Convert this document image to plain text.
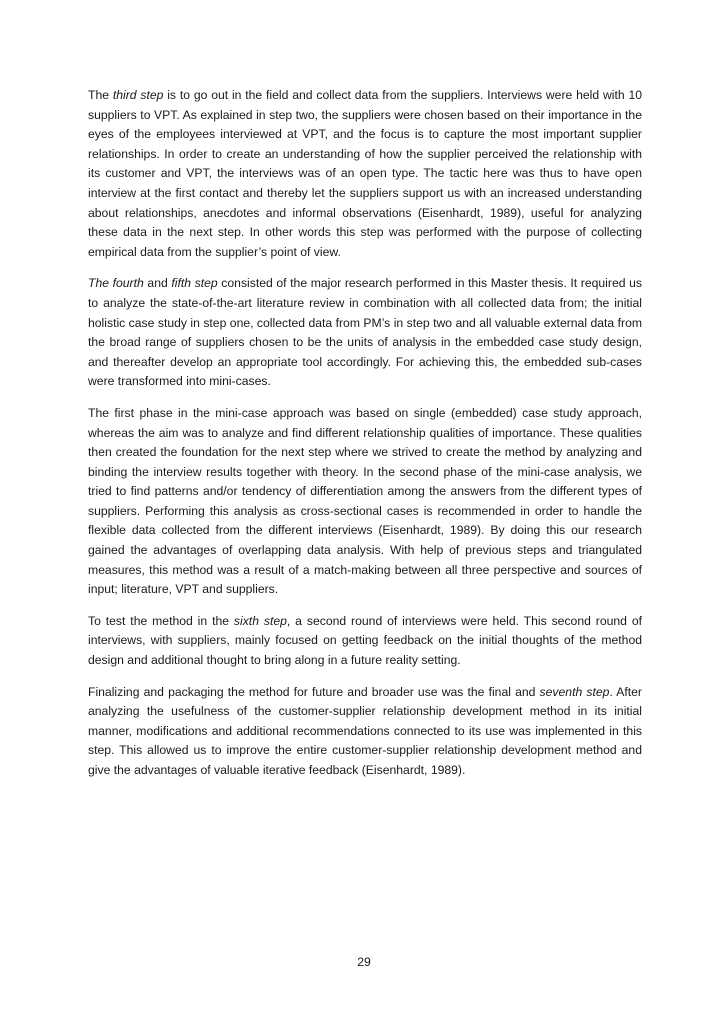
The third step is to go out in the field and collect data from the suppliers. Interviews were held with 10 suppliers to VPT. As explained in step two, the suppliers were chosen based on their importance in the eyes of the employees interviewed at VPT, and the focus is to capture the most important supplier relationships. In order to create an understanding of how the supplier perceived the relationship with its customer and VPT, the interviews was of an open type. The tactic here was thus to have open interview at the first contact and thereby let the suppliers support us with an increased understanding about relationships, anecdotes and informal observations (Eisenhardt, 1989), useful for analyzing these data in the next step. In other words this step was performed with the purpose of collecting empirical data from the supplier’s point of view.

The fourth and fifth step consisted of the major research performed in this Master thesis. It required us to analyze the state-of-the-art literature review in combination with all collected data from; the initial holistic case study in step one, collected data from PM’s in step two and all valuable external data from the broad range of suppliers chosen to be the units of analysis in the embedded case study design, and thereafter develop an appropriate tool accordingly. For achieving this, the embedded sub-cases were transformed into mini-cases.

The first phase in the mini-case approach was based on single (embedded) case study approach, whereas the aim was to analyze and find different relationship qualities of importance. These qualities then created the foundation for the next step where we strived to create the method by analyzing and binding the interview results together with theory. In the second phase of the mini-case analysis, we tried to find patterns and/or tendency of differentiation among the answers from the different types of suppliers. Performing this analysis as cross-sectional cases is recommended in order to handle the flexible data collected from the different interviews (Eisenhardt, 1989). By doing this our research gained the advantages of overlapping data analysis. With help of previous steps and triangulated measures, this method was a result of a match-making between all three perspective and sources of input; literature, VPT and suppliers.

To test the method in the sixth step, a second round of interviews were held. This second round of interviews, with suppliers, mainly focused on getting feedback on the initial thoughts of the method design and additional thought to bring along in a future reality setting.

Finalizing and packaging the method for future and broader use was the final and seventh step. After analyzing the usefulness of the customer-supplier relationship development method in its initial manner, modifications and additional recommendations connected to its use was implemented in this step. This allowed us to improve the entire customer-supplier relationship development method and give the advantages of valuable iterative feedback (Eisenhardt, 1989).

29
